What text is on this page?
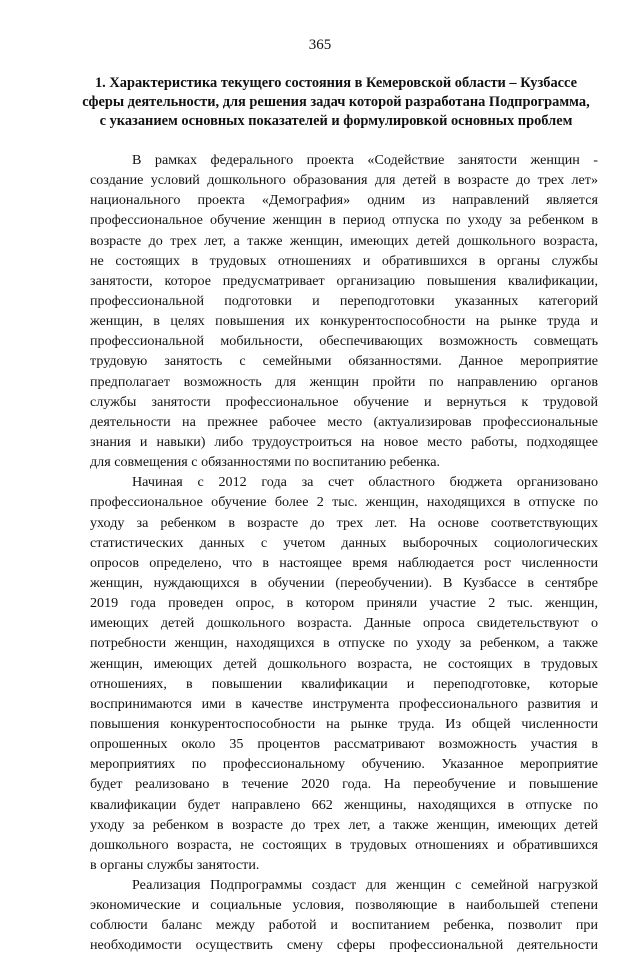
365
1. Характеристика текущего состояния в Кемеровской области – Кузбассе
сферы деятельности, для решения задач которой разработана Подпрограмма,
с указанием основных показателей и формулировкой основных проблем
В рамках федерального проекта «Содействие занятости женщин -
создание условий дошкольного образования для детей в возрасте до трех лет»
национального проекта «Демография» одним из направлений является
профессиональное обучение женщин в период отпуска по уходу за ребенком в
возрасте до трех лет, а также женщин, имеющих детей дошкольного возраста,
не состоящих в трудовых отношениях и обратившихся в органы службы
занятости, которое предусматривает организацию повышения квалификации,
профессиональной подготовки и переподготовки указанных категорий
женщин, в целях повышения их конкурентоспособности на рынке труда и
профессиональной мобильности, обеспечивающих возможность совмещать
трудовую занятость с семейными обязанностями. Данное мероприятие
предполагает возможность для женщин пройти по направлению органов
службы занятости профессиональное обучение и вернуться к трудовой
деятельности на прежнее рабочее место (актуализировав профессиональные
знания и навыки) либо трудоустроиться на новое место работы, подходящее
для совмещения с обязанностями по воспитанию ребенка.
Начиная с 2012 года за счет областного бюджета организовано
профессиональное обучение более 2 тыс. женщин, находящихся в отпуске по
уходу за ребенком в возрасте до трех лет. На основе соответствующих
статистических данных с учетом данных выборочных социологических
опросов определено, что в настоящее время наблюдается рост численности
женщин, нуждающихся в обучении (переобучении). В Кузбассе в сентябре
2019 года проведен опрос, в котором приняли участие 2 тыс. женщин,
имеющих детей дошкольного возраста. Данные опроса свидетельствуют о
потребности женщин, находящихся в отпуске по уходу за ребенком, а также
женщин, имеющих детей дошкольного возраста, не состоящих в трудовых
отношениях, в повышении квалификации и переподготовке, которые
воспринимаются ими в качестве инструмента профессионального развития и
повышения конкурентоспособности на рынке труда. Из общей численности
опрошенных около 35 процентов рассматривают возможность участия в
мероприятиях по профессиональному обучению. Указанное мероприятие
будет реализовано в течение 2020 года. На переобучение и повышение
квалификации будет направлено 662 женщины, находящихся в отпуске по
уходу за ребенком в возрасте до трех лет, а также женщин, имеющих детей
дошкольного возраста, не состоящих в трудовых отношениях и обратившихся
в органы службы занятости.
Реализация Подпрограммы создаст для женщин с семейной нагрузкой
экономические и социальные условия, позволяющие в наибольшей степени
соблюсти баланс между работой и воспитанием ребенка, позволит при
необходимости осуществить смену сферы профессиональной деятельности
